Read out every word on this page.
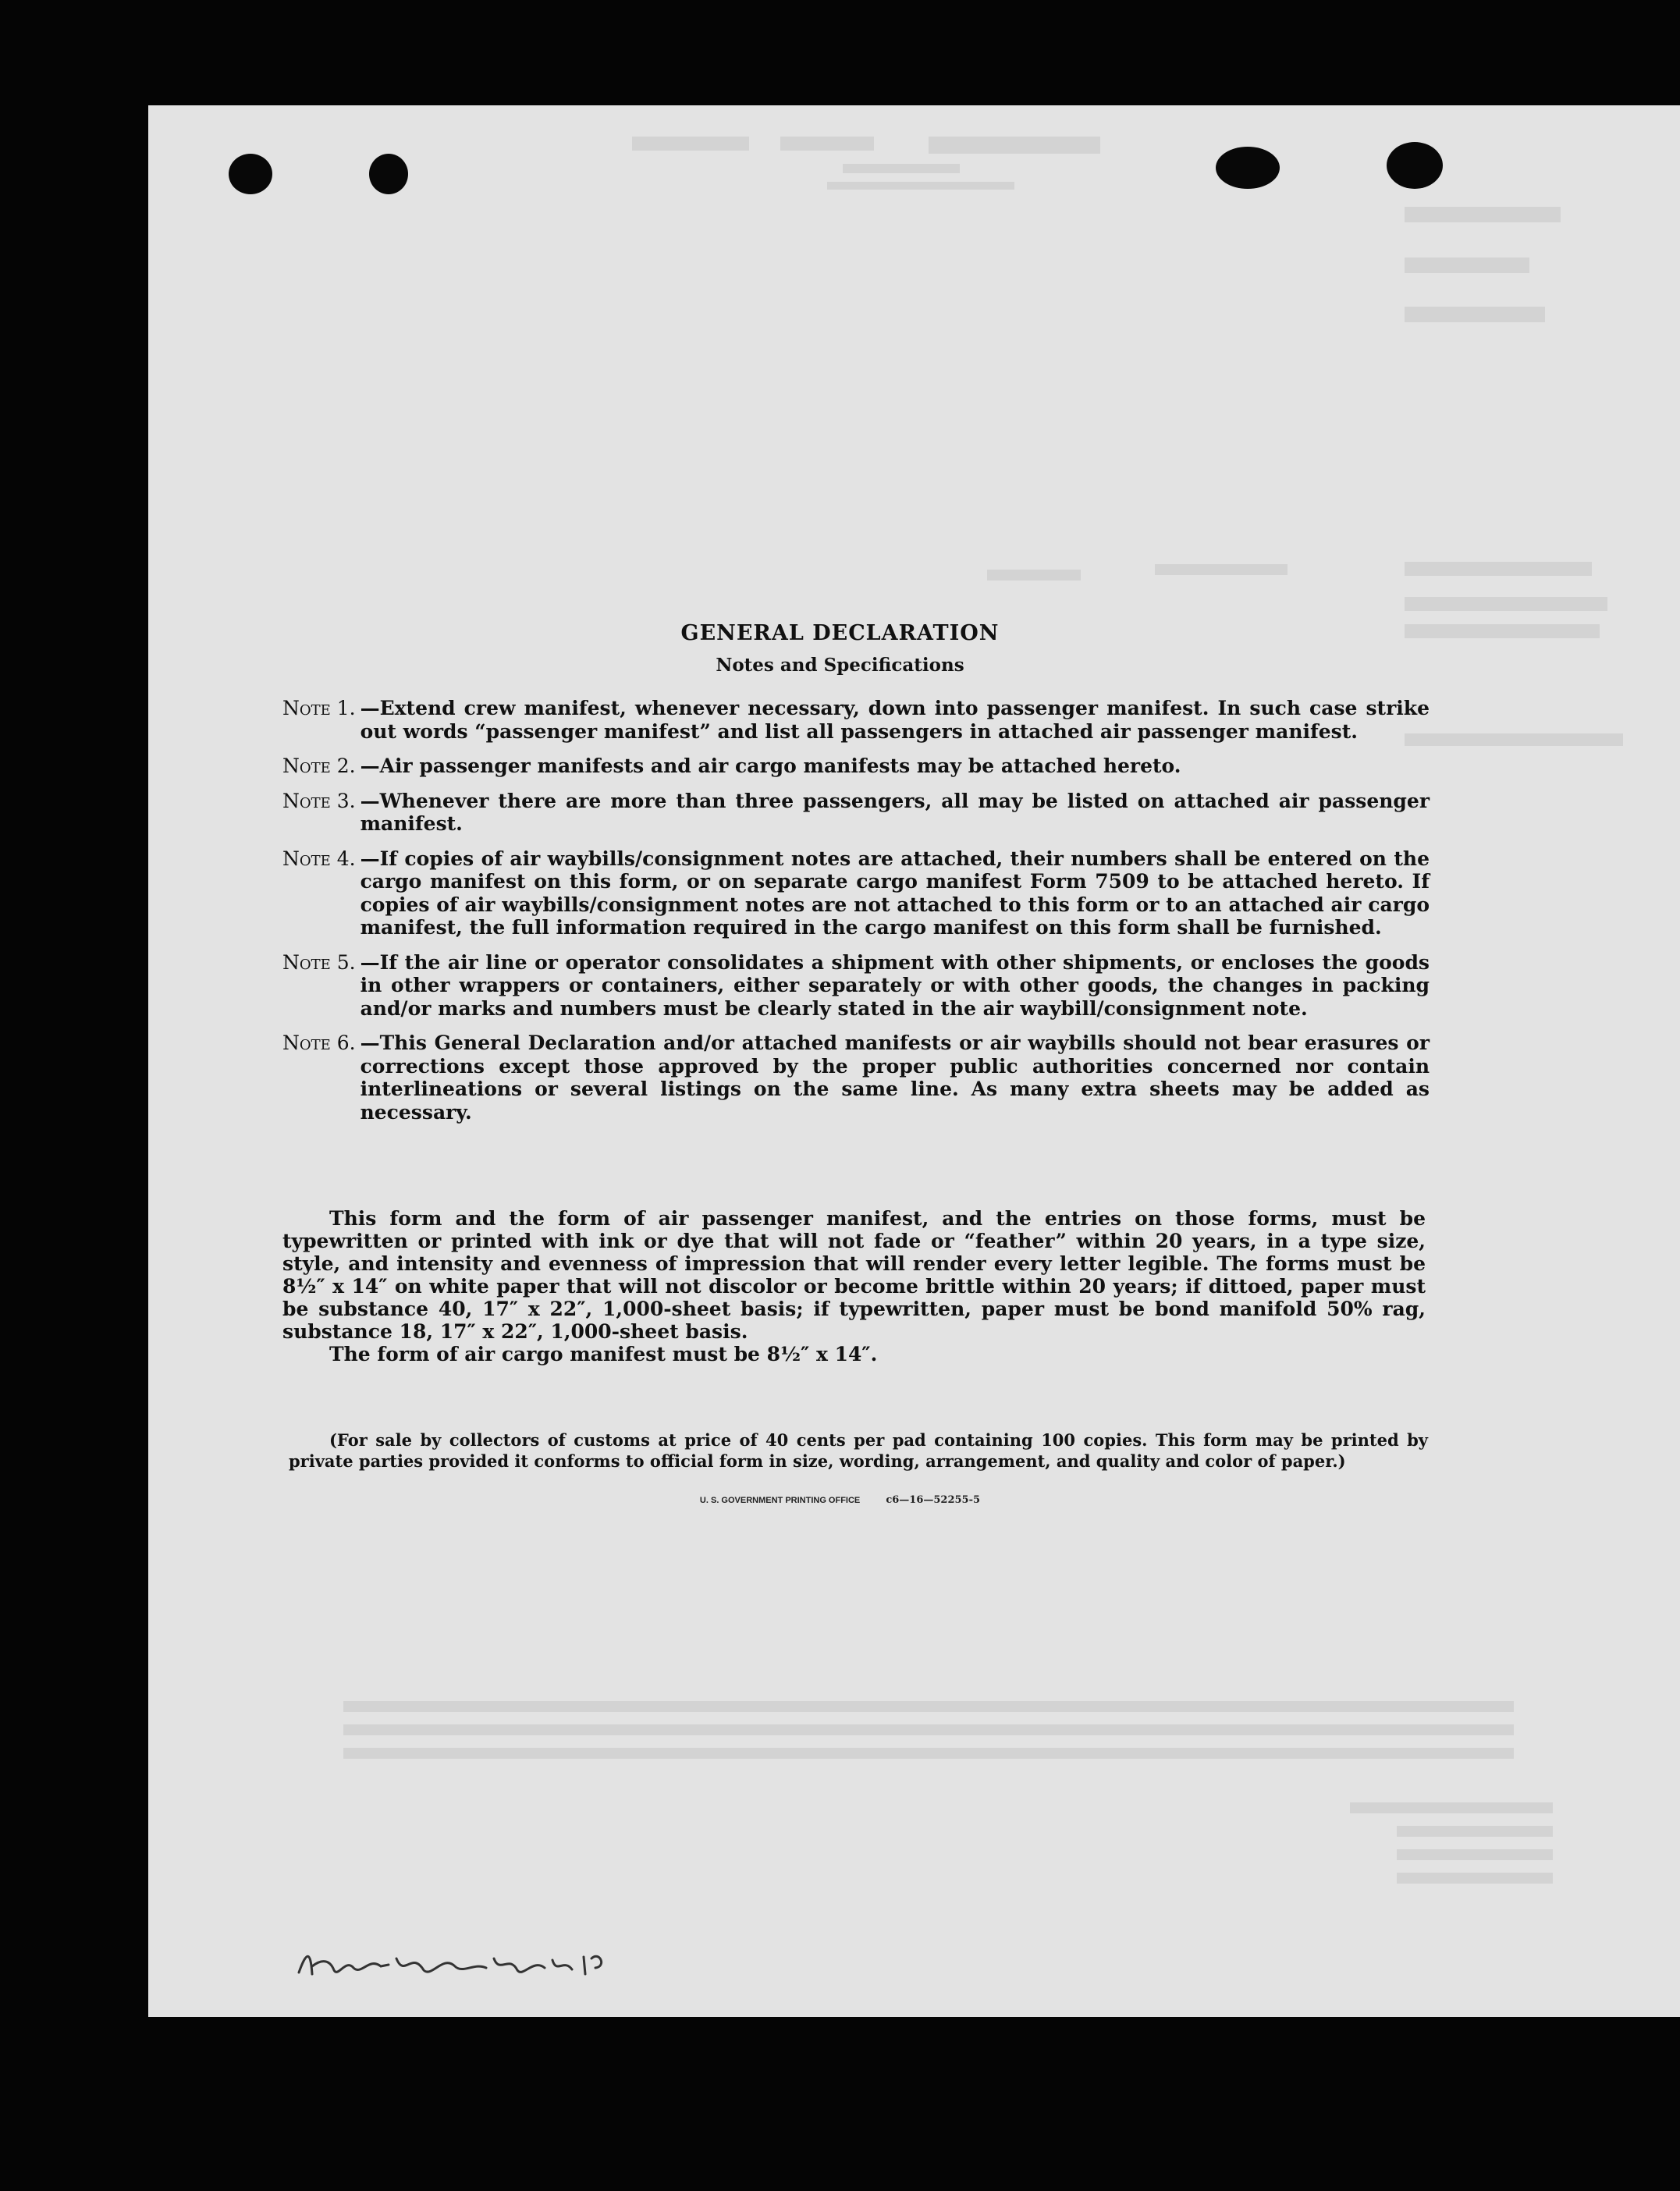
GENERAL DECLARATION
Notes and Specifications
Note 1. —Extend crew manifest, whenever necessary, down into passenger manifest. In such case strike out words “passenger manifest” and list all passengers in attached air passenger manifest.
Note 2. —Air passenger manifests and air cargo manifests may be attached hereto.
Note 3. —Whenever there are more than three passengers, all may be listed on attached air passenger manifest.
Note 4. —If copies of air waybills/consignment notes are attached, their numbers shall be entered on the cargo manifest on this form, or on separate cargo manifest Form 7509 to be attached hereto. If copies of air waybills/consignment notes are not attached to this form or to an attached air cargo manifest, the full information required in the cargo manifest on this form shall be furnished.
Note 5. —If the air line or operator consolidates a shipment with other shipments, or encloses the goods in other wrappers or containers, either separately or with other goods, the changes in packing and/or marks and numbers must be clearly stated in the air waybill/consignment note.
Note 6. —This General Declaration and/or attached manifests or air waybills should not bear erasures or corrections except those approved by the proper public authorities concerned nor contain interlineations or several listings on the same line. As many extra sheets may be added as necessary.
This form and the form of air passenger manifest, and the entries on those forms, must be typewritten or printed with ink or dye that will not fade or “feather” within 20 years, in a type size, style, and intensity and evenness of impression that will render every letter legible. The forms must be 8½″ x 14″ on white paper that will not discolor or become brittle within 20 years; if dittoed, paper must be substance 40, 17″ x 22″, 1,000-sheet basis; if typewritten, paper must be bond manifold 50% rag, substance 18, 17″ x 22″, 1,000-sheet basis.
The form of air cargo manifest must be 8½″ x 14″.
(For sale by collectors of customs at price of 40 cents per pad containing 100 copies. This form may be printed by private parties provided it conforms to official form in size, wording, arrangement, and quality and color of paper.)
U. S. GOVERNMENT PRINTING OFFICE	c6—16—52255-5
